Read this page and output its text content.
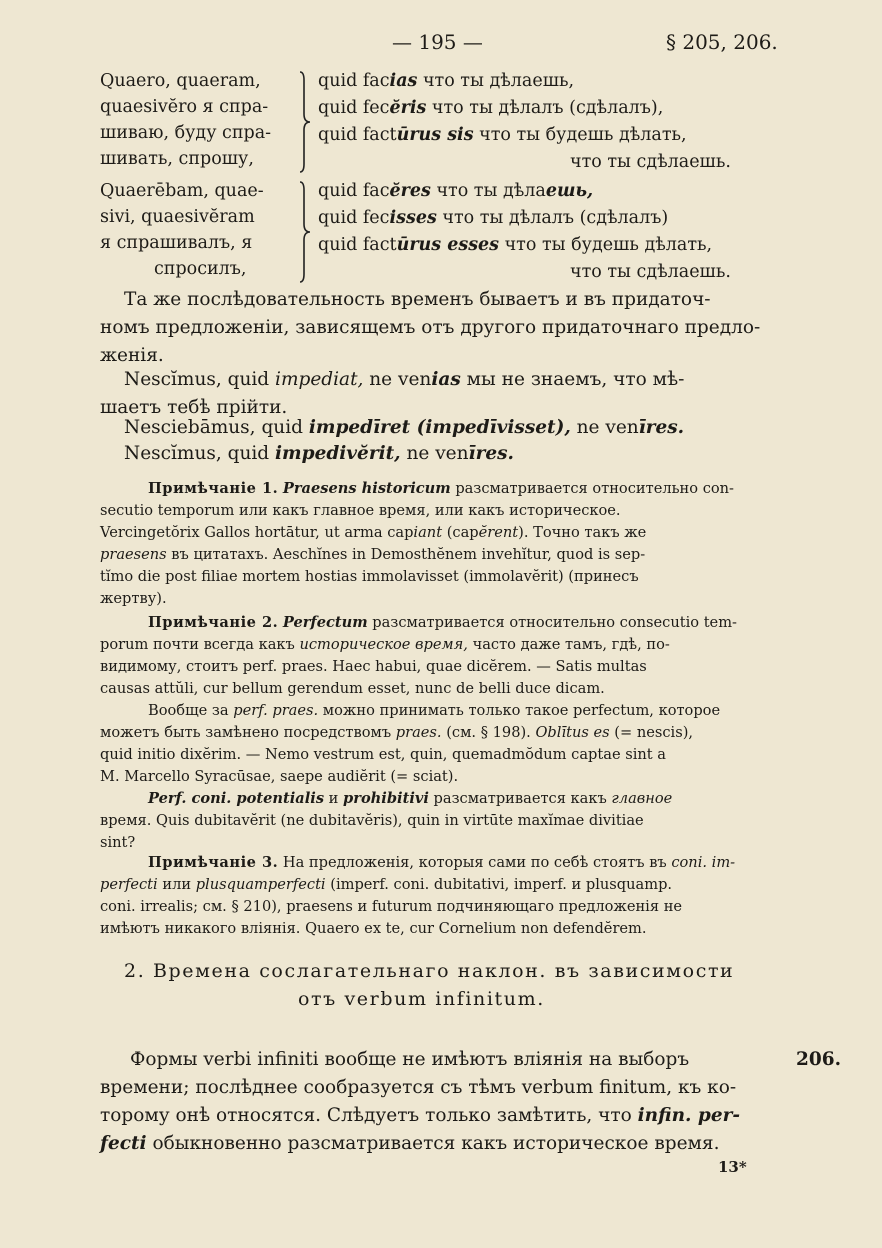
— 195 —	§ 205, 206.
Quaero, quaeram,
quaesivĕro я спра-
шиваю, буду спра-
шивать, спрошу,
quid facias что ты дѣлаешь,
quid fecĕris что ты дѣлалъ (сдѣлалъ),
quid factūrus sis что ты будешь дѣлать,
что ты сдѣлаешь.
Quaerēbam, quae-
sivi, quaesivĕram
я спрашивалъ, я
спросилъ,
quid facĕres что ты дѣлаешь,
quid fecisses что ты дѣлалъ (сдѣлалъ)
quid factūrus esses что ты будешь дѣлать,
что ты сдѣлаешь.
Та же послѣдовательность временъ бываетъ и въ придаточ-
номъ предложеніи, зависящемъ отъ другого придаточнаго предло-
женія.
Nescĭmus, quid impediat, ne venias мы не знаемъ, что мѣ-
шаетъ тебѣ прійти.
Nesciebāmus, quid impedīret (impedīvisset), ne venīres.
Nescĭmus, quid impedivĕrit, ne venīres.
Примѣчаніе 1. Praesens historicum разсматривается относительно con-
secutio temporum или какъ главное время, или какъ историческое.
Vercingetŏrix Gallos hortātur, ut arma capiant (capĕrent). Точно такъ же
praesens въ цитатахъ. Aeschĭnes in Demosthĕnem invehĭtur, quod is sep-
tĭmo die post filiae mortem hostias immolavisset (immolavĕrit) (принесъ
жертву).
Примѣчаніе 2. Perfectum разсматривается относительно consecutio tem-
porum почти всегда какъ историческое время, часто даже тамъ, гдѣ, по-
видимому, стоитъ perf. praes. Haec habui, quae dicĕrem. — Satis multas
causas attŭli, cur bellum gerendum esset, nunc de belli duce dicam.
Вообще за perf. praes. можно принимать только такое perfectum, которое
можетъ быть замѣнено посредствомъ praes. (см. § 198). Oblītus es (= nescis),
quid initio dixĕrim. — Nemo vestrum est, quin, quemadmŏdum captae sint a
M. Marcello Syracūsae, saepe audiĕrit (= sciat).
Perf. coni. potentialis и prohibitivi разсматривается какъ главное
время. Quis dubitavĕrit (ne dubitavĕris), quin in virtūte maxĭmae divitiae
sint?
Примѣчаніе 3. На предложенія, которыя сами по себѣ стоятъ въ coni. im-
perfecti или plusquamperfecti (imperf. coni. dubitativi, imperf. и plusquamp.
coni. irrealis; см. § 210), praesens и futurum подчиняющаго предложенія не
имѣютъ никакого вліянія. Quaero ex te, cur Cornelium non defendĕrem.
2. Времена сослагательнаго наклон. въ зависимости
отъ verbum infinitum.
206.
Формы verbi infiniti вообще не имѣютъ вліянія на выборъ
времени; послѣднее сообразуется съ тѣмъ verbum finitum, къ ко-
торому онѣ относятся. Слѣдуетъ только замѣтить, что infin. per-
fecti обыкновенно разсматривается какъ историческое время.
13*
